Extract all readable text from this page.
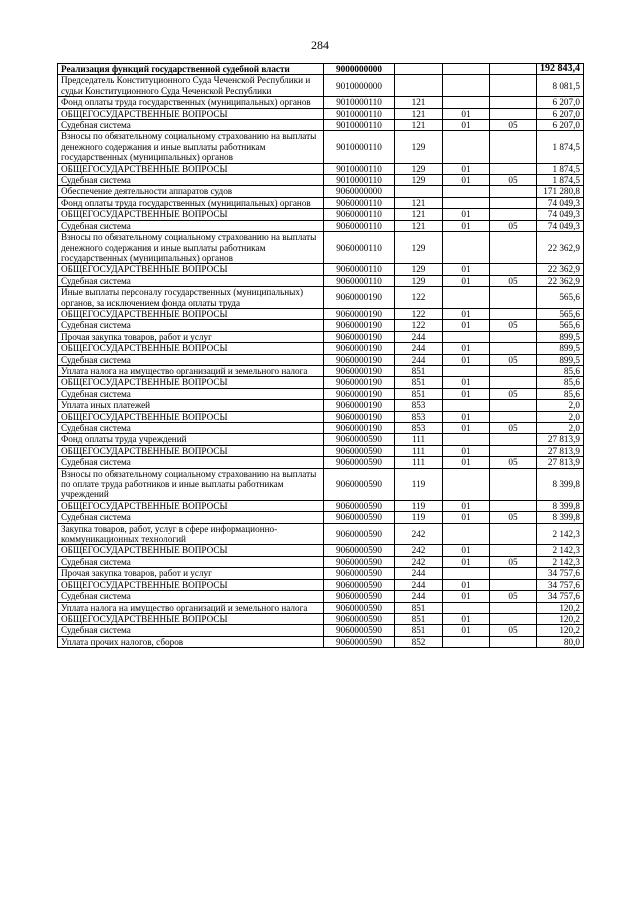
284
Реализация функций государственной судебной власти	9000000000				192 843,4
Председатель Конституционного Суда Чеченской Республики и судьи Конституционного Суда Чеченской Республики	9010000000				8 081,5
Фонд оплаты труда государственных (муниципальных) органов	9010000110	121			6 207,0
ОБЩЕГОСУДАРСТВЕННЫЕ ВОПРОСЫ	9010000110	121	01		6 207,0
Судебная система	9010000110	121	01	05	6 207,0
Взносы по обязательному социальному страхованию на выплаты денежного содержания и иные выплаты работникам государственных (муниципальных) органов	9010000110	129			1 874,5
ОБЩЕГОСУДАРСТВЕННЫЕ ВОПРОСЫ	9010000110	129	01		1 874,5
Судебная система	9010000110	129	01	05	1 874,5
Обеспечение деятельности аппаратов судов	9060000000				171 280,8
Фонд оплаты труда государственных (муниципальных) органов	9060000110	121			74 049,3
ОБЩЕГОСУДАРСТВЕННЫЕ ВОПРОСЫ	9060000110	121	01		74 049,3
Судебная система	9060000110	121	01	05	74 049,3
Взносы по обязательному социальному страхованию на выплаты денежного содержания и иные выплаты работникам государственных (муниципальных) органов	9060000110	129			22 362,9
ОБЩЕГОСУДАРСТВЕННЫЕ ВОПРОСЫ	9060000110	129	01		22 362,9
Судебная система	9060000110	129	01	05	22 362,9
Иные выплаты персоналу государственных (муниципальных) органов, за исключением фонда оплаты труда	9060000190	122			565,6
ОБЩЕГОСУДАРСТВЕННЫЕ ВОПРОСЫ	9060000190	122	01		565,6
Судебная система	9060000190	122	01	05	565,6
Прочая закупка товаров, работ и услуг	9060000190	244			899,5
ОБЩЕГОСУДАРСТВЕННЫЕ ВОПРОСЫ	9060000190	244	01		899,5
Судебная система	9060000190	244	01	05	899,5
Уплата налога на имущество организаций и земельного налога	9060000190	851			85,6
ОБЩЕГОСУДАРСТВЕННЫЕ ВОПРОСЫ	9060000190	851	01		85,6
Судебная система	9060000190	851	01	05	85,6
Уплата иных платежей	9060000190	853			2,0
ОБЩЕГОСУДАРСТВЕННЫЕ ВОПРОСЫ	9060000190	853	01		2,0
Судебная система	9060000190	853	01	05	2,0
Фонд оплаты труда учреждений	9060000590	111			27 813,9
ОБЩЕГОСУДАРСТВЕННЫЕ ВОПРОСЫ	9060000590	111	01		27 813,9
Судебная система	9060000590	111	01	05	27 813,9
Взносы по обязательному социальному страхованию на выплаты по оплате труда работников и иные выплаты работникам учреждений	9060000590	119			8 399,8
ОБЩЕГОСУДАРСТВЕННЫЕ ВОПРОСЫ	9060000590	119	01		8 399,8
Судебная система	9060000590	119	01	05	8 399,8
Закупка товаров, работ, услуг в сфере информационно-коммуникационных технологий	9060000590	242			2 142,3
ОБЩЕГОСУДАРСТВЕННЫЕ ВОПРОСЫ	9060000590	242	01		2 142,3
Судебная система	9060000590	242	01	05	2 142,3
Прочая закупка товаров, работ и услуг	9060000590	244			34 757,6
ОБЩЕГОСУДАРСТВЕННЫЕ ВОПРОСЫ	9060000590	244	01		34 757,6
Судебная система	9060000590	244	01	05	34 757,6
Уплата налога на имущество организаций и земельного налога	9060000590	851			120,2
ОБЩЕГОСУДАРСТВЕННЫЕ ВОПРОСЫ	9060000590	851	01		120,2
Судебная система	9060000590	851	01	05	120,2
Уплата прочих налогов, сборов	9060000590	852			80,0
